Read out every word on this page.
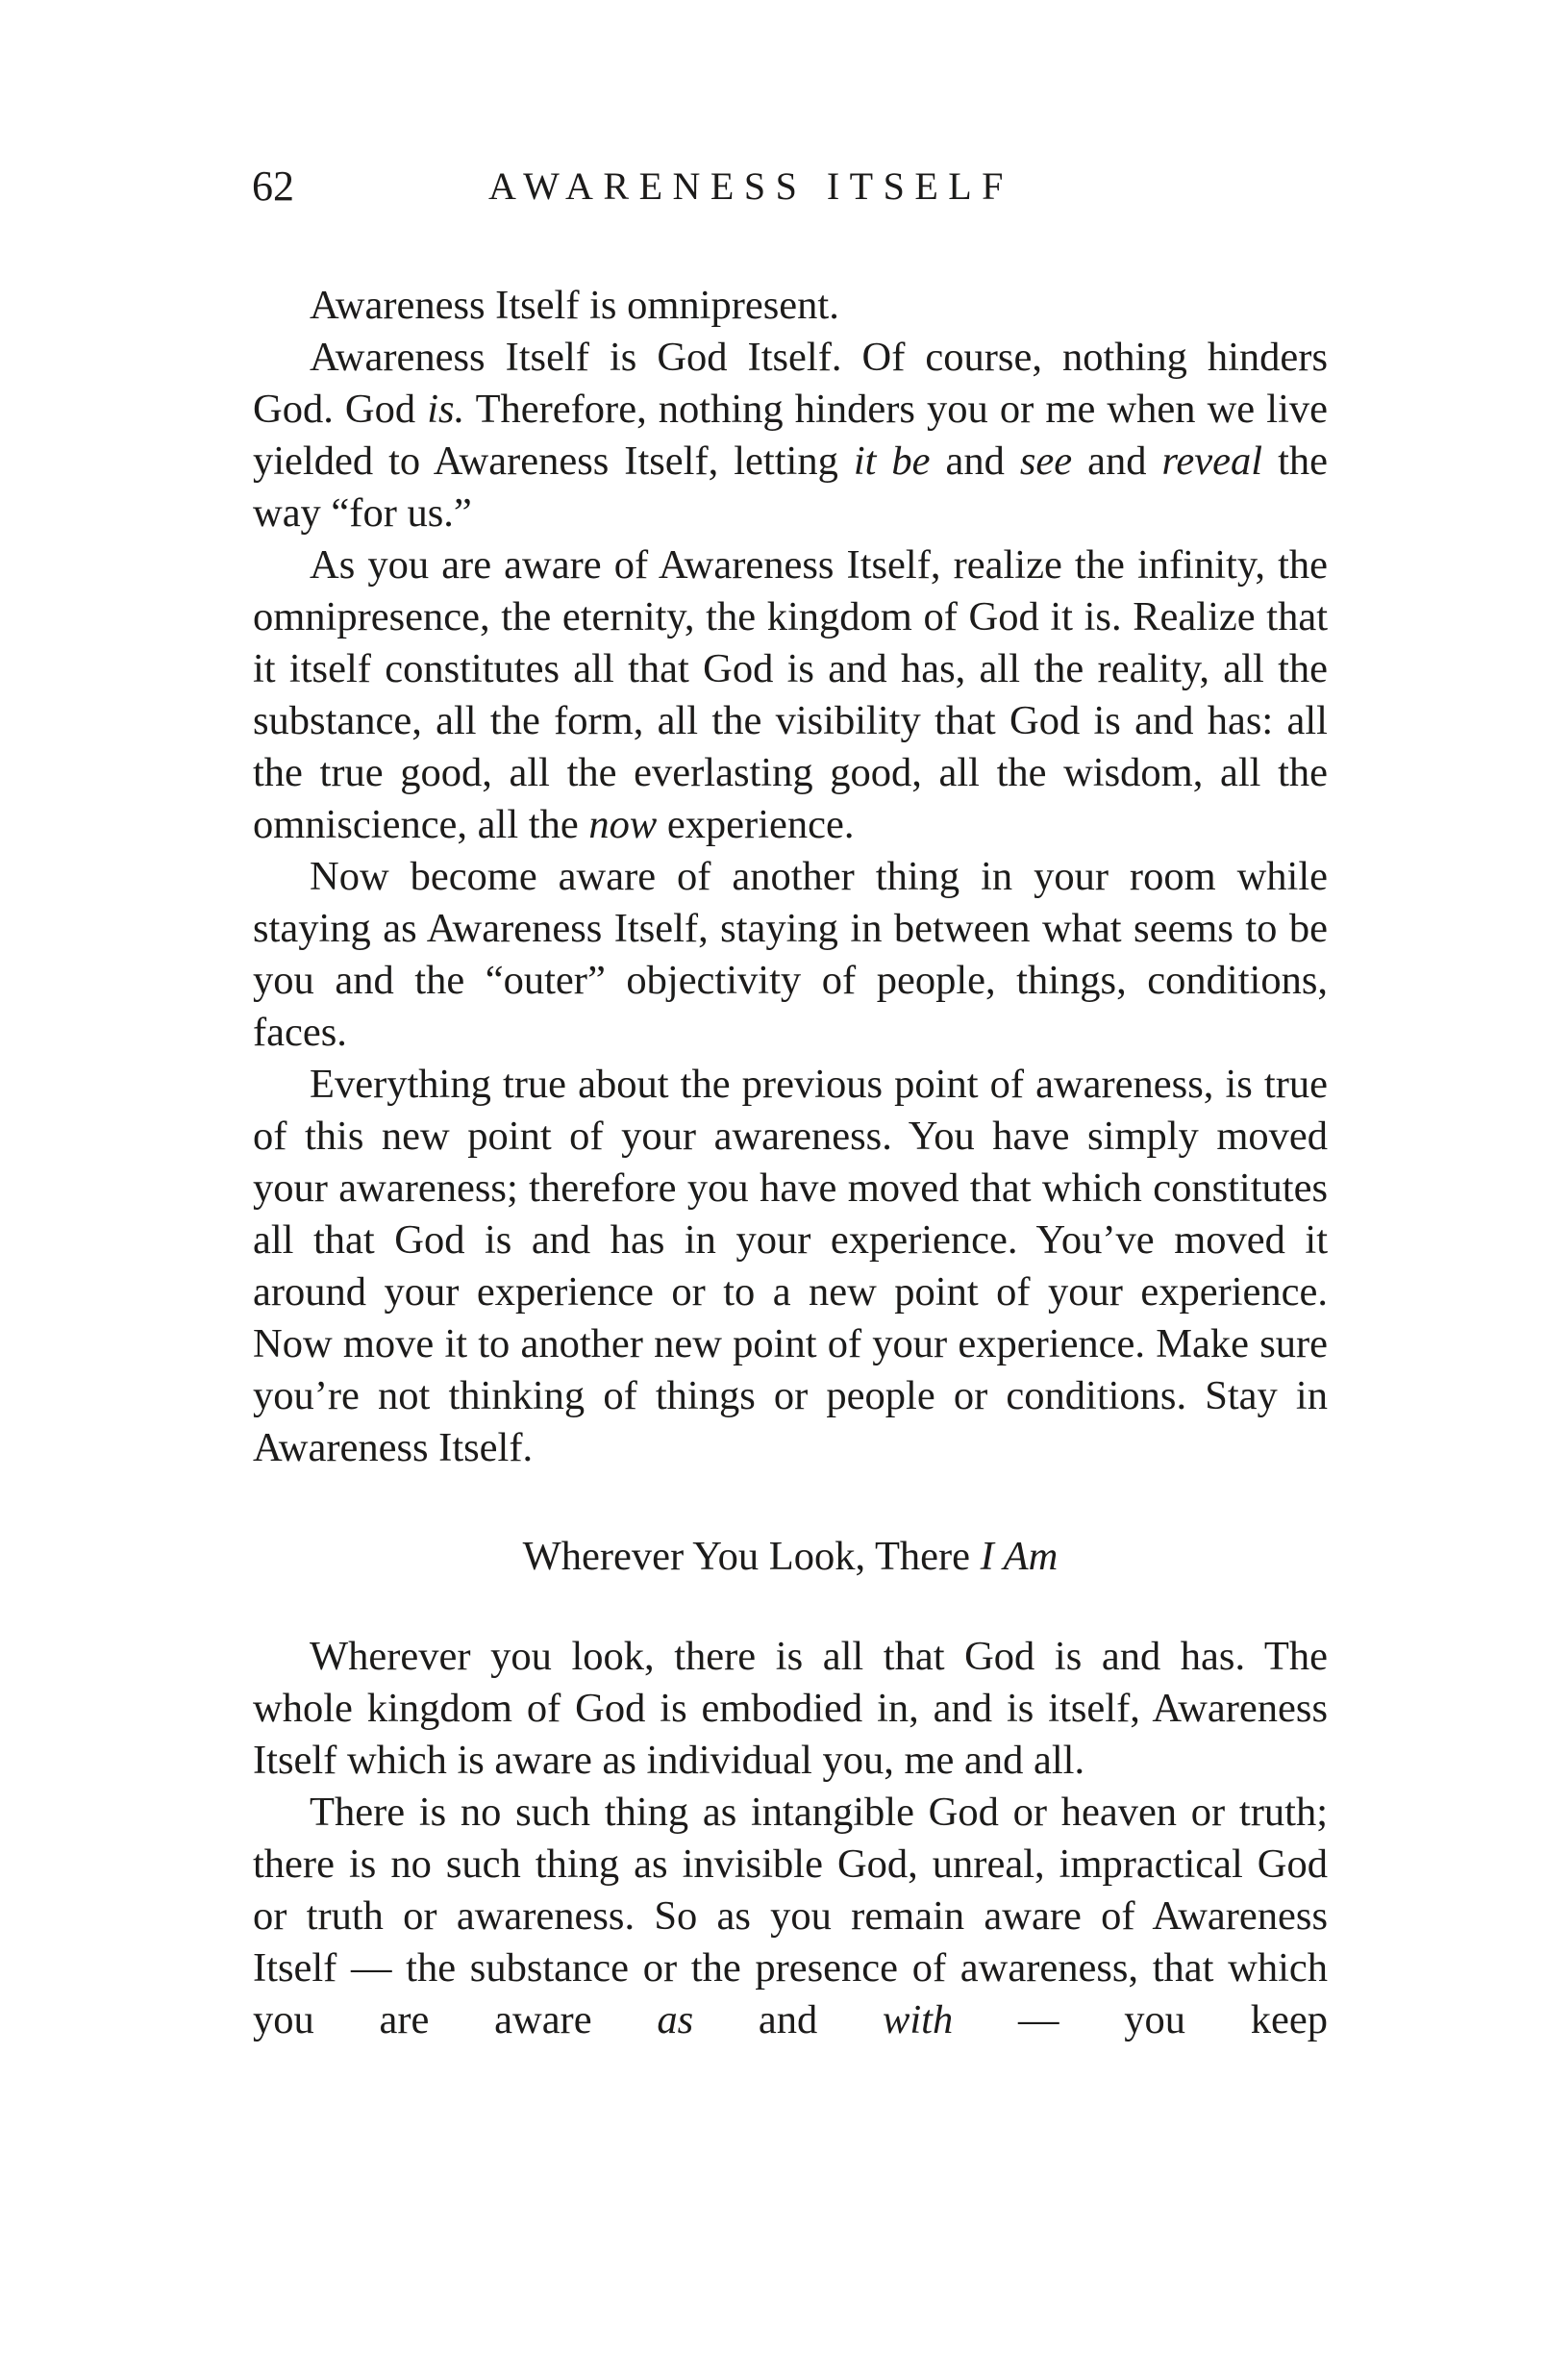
62	AWARENESS ITSELF

Awareness Itself is omnipresent.

Awareness Itself is God Itself. Of course, nothing hinders God. God is. Therefore, nothing hinders you or me when we live yielded to Awareness Itself, letting it be and see and reveal the way “for us.”

As you are aware of Awareness Itself, realize the infinity, the omnipresence, the eternity, the kingdom of God it is. Realize that it itself constitutes all that God is and has, all the reality, all the substance, all the form, all the visibility that God is and has: all the true good, all the everlasting good, all the wisdom, all the omniscience, all the now experience.

Now become aware of another thing in your room while staying as Awareness Itself, staying in between what seems to be you and the “outer” objectivity of people, things, conditions, faces.

Everything true about the previous point of awareness, is true of this new point of your awareness. You have simply moved your awareness; therefore you have moved that which constitutes all that God is and has in your experience. You’ve moved it around your experience or to a new point of your experience. Now move it to another new point of your experience. Make sure you’re not thinking of things or people or conditions. Stay in Awareness Itself.

Wherever You Look, There I Am

Wherever you look, there is all that God is and has. The whole kingdom of God is embodied in, and is itself, Awareness Itself which is aware as individual you, me and all.

There is no such thing as intangible God or heaven or truth; there is no such thing as invisible God, unreal, impractical God or truth or awareness. So as you remain aware of Awareness Itself — the substance or the presence of awareness, that which you are aware as and with — you keep
